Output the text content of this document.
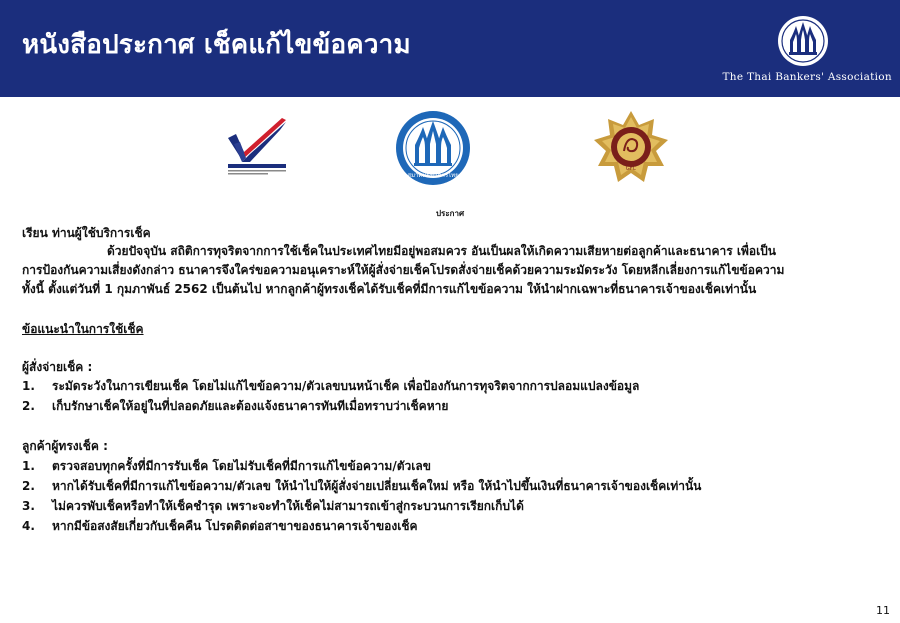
หนังสือประกาศ เช็คแก้ไขข้อความ
The Thai Bankers' Association
สมาคมธนาคารไทย
GFC
ประกาศ
เรียน ท่านผู้ใช้บริการเช็ค
ด้วยปัจจุบัน สถิติการทุจริตจากการใช้เช็คในประเทศไทยมีอยู่พอสมควร อันเป็นผลให้เกิดความเสียหายต่อลูกค้าและธนาคาร เพื่อเป็น
การป้องกันความเสี่ยงดังกล่าว ธนาคารจึงใคร่ขอความอนุเคราะห์ให้ผู้สั่งจ่ายเช็คโปรดสั่งจ่ายเช็คด้วยความระมัดระวัง โดยหลีกเลี่ยงการแก้ไขข้อความ
ทั้งนี้ ตั้งแต่วันที่ 1 กุมภาพันธ์ 2562 เป็นต้นไป หากลูกค้าผู้ทรงเช็คได้รับเช็คที่มีการแก้ไขข้อความ ให้นำฝากเฉพาะที่ธนาคารเจ้าของเช็คเท่านั้น
ข้อแนะนำในการใช้เช็ค
ผู้สั่งจ่ายเช็ค :
1. ระมัดระวังในการเขียนเช็ค โดยไม่แก้ไขข้อความ/ตัวเลขบนหน้าเช็ค เพื่อป้องกันการทุจริตจากการปลอมแปลงข้อมูล
2. เก็บรักษาเช็คให้อยู่ในที่ปลอดภัยและต้องแจ้งธนาคารทันทีเมื่อทราบว่าเช็คหาย
ลูกค้าผู้ทรงเช็ค :
1. ตรวจสอบทุกครั้งที่มีการรับเช็ค โดยไม่รับเช็คที่มีการแก้ไขข้อความ/ตัวเลข
2. หากได้รับเช็คที่มีการแก้ไขข้อความ/ตัวเลข ให้นำไปให้ผู้สั่งจ่ายเปลี่ยนเช็คใหม่ หรือ ให้นำไปขึ้นเงินที่ธนาคารเจ้าของเช็คเท่านั้น
3. ไม่ควรพับเช็คหรือทำให้เช็คชำรุด เพราะจะทำให้เช็คไม่สามารถเข้าสู่กระบวนการเรียกเก็บได้
4. หากมีข้อสงสัยเกี่ยวกับเช็คคืน โปรดติดต่อสาขาของธนาคารเจ้าของเช็ค
11
